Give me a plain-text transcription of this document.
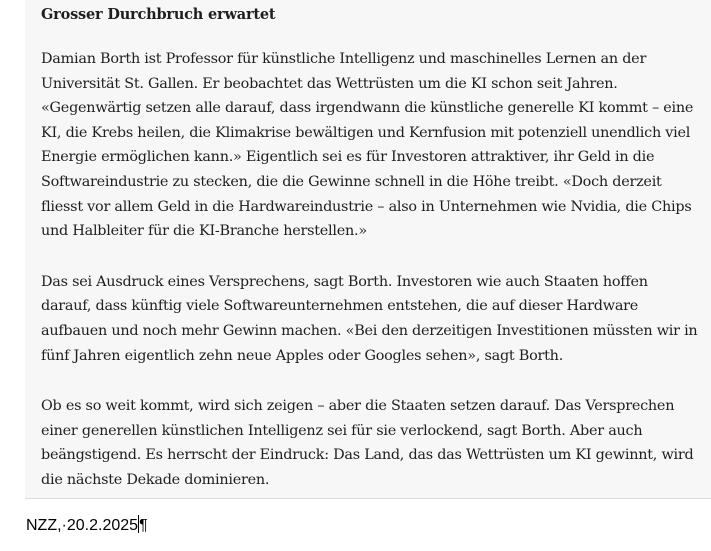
Grosser Durchbruch erwartet

Damian Borth ist Professor für künstliche Intelligenz und maschinelles Lernen an der Universität St. Gallen. Er beobachtet das Wettrüsten um die KI schon seit Jahren. «Gegenwärtig setzen alle darauf, dass irgendwann die künstliche generelle KI kommt – eine KI, die Krebs heilen, die Klimakrise bewältigen und Kernfusion mit potenziell unendlich viel Energie ermöglichen kann.» Eigentlich sei es für Investoren attraktiver, ihr Geld in die Softwareindustrie zu stecken, die die Gewinne schnell in die Höhe treibt. «Doch derzeit fliesst vor allem Geld in die Hardwareindustrie – also in Unternehmen wie Nvidia, die Chips und Halbleiter für die KI-Branche herstellen.»

Das sei Ausdruck eines Versprechens, sagt Borth. Investoren wie auch Staaten hoffen darauf, dass künftig viele Softwareunternehmen entstehen, die auf dieser Hardware aufbauen und noch mehr Gewinn machen. «Bei den derzeitigen Investitionen müssten wir in fünf Jahren eigentlich zehn neue Apples oder Googles sehen», sagt Borth.

Ob es so weit kommt, wird sich zeigen – aber die Staaten setzen darauf. Das Versprechen einer generellen künstlichen Intelligenz sei für sie verlockend, sagt Borth. Aber auch beängstigend. Es herrscht der Eindruck: Das Land, das das Wettrüsten um KI gewinnt, wird die nächste Dekade dominieren.

NZZ,·20.2.2025¶
